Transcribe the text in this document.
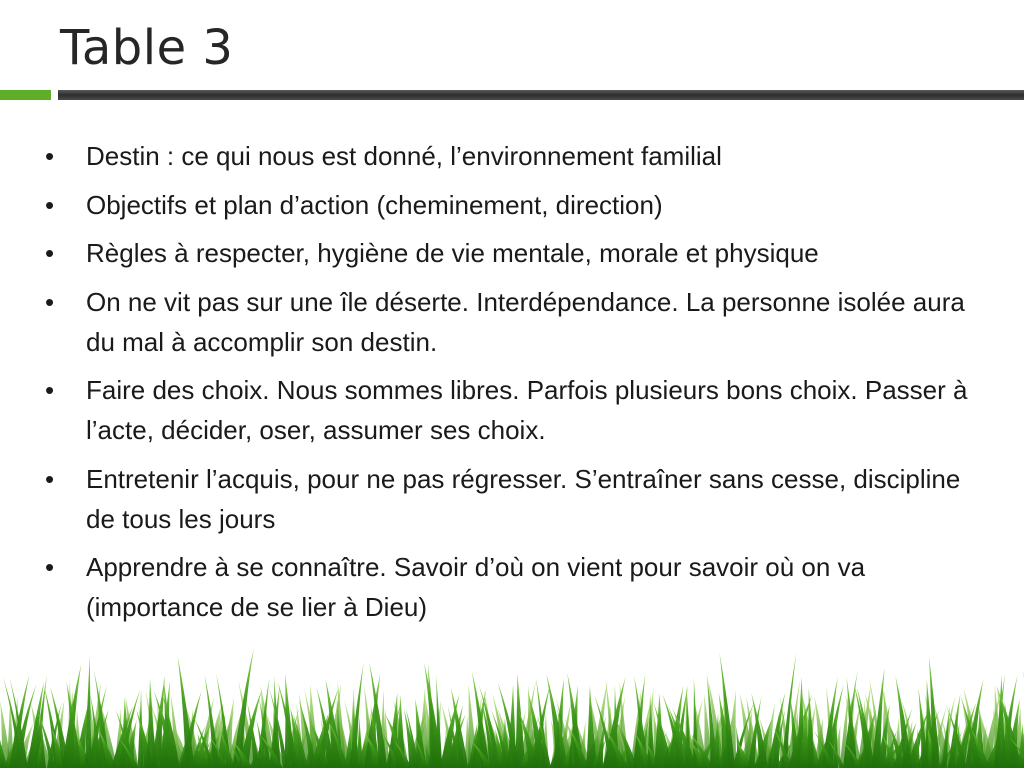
Table 3
•	Destin : ce qui nous est donné, l’environnement familial
•	Objectifs et plan d’action (cheminement, direction)
•	Règles à respecter, hygiène de vie mentale, morale et physique
•	On ne vit pas sur une île déserte. Interdépendance. La personne isolée aura du mal à accomplir son destin.
•	Faire des choix. Nous sommes libres. Parfois plusieurs bons choix. Passer à l’acte, décider, oser, assumer ses choix.
•	Entretenir l’acquis, pour ne pas régresser. S’entraîner sans cesse, discipline de tous les jours
•	Apprendre à se connaître. Savoir d’où on vient pour savoir où on va (importance de se lier à Dieu)
